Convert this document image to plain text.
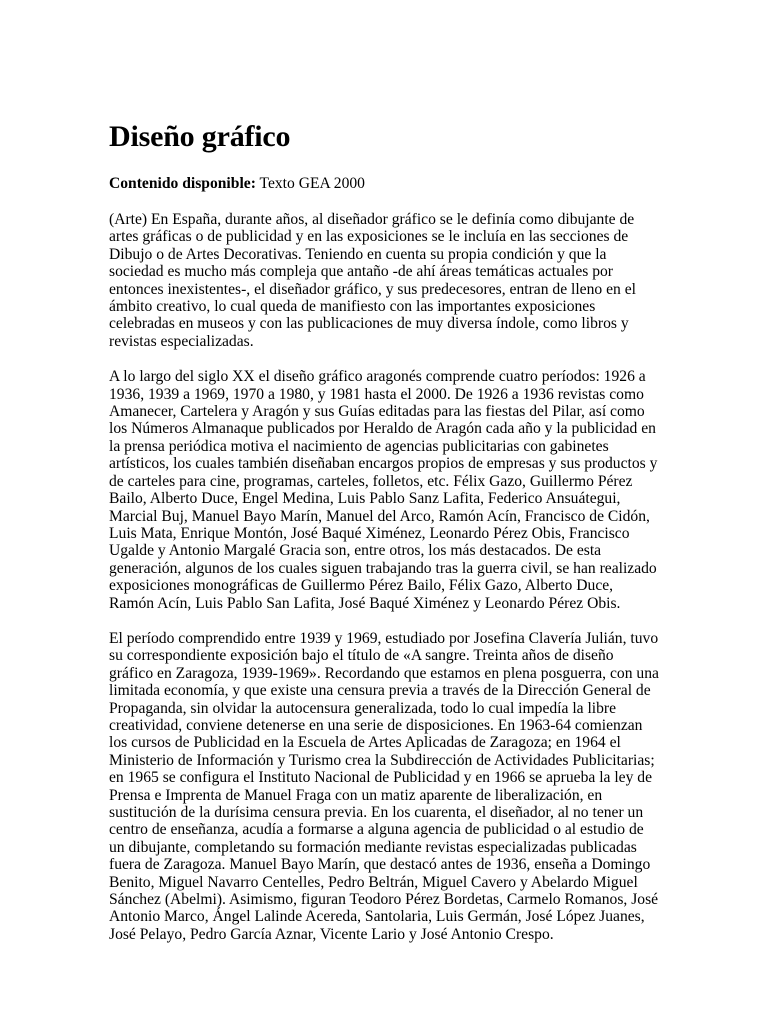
Diseño gráfico

Contenido disponible: Texto GEA 2000

(Arte) En España, durante años, al diseñador gráfico se le definía como dibujante de artes gráficas o de publicidad y en las exposiciones se le incluía en las secciones de Dibujo o de Artes Decorativas. Teniendo en cuenta su propia condición y que la sociedad es mucho más compleja que antaño -de ahí áreas temáticas actuales por entonces inexistentes-, el diseñador gráfico, y sus predecesores, entran de lleno en el ámbito creativo, lo cual queda de manifiesto con las importantes exposiciones celebradas en museos y con las publicaciones de muy diversa índole, como libros y revistas especializadas.

A lo largo del siglo XX el diseño gráfico aragonés comprende cuatro períodos: 1926 a 1936, 1939 a 1969, 1970 a 1980, y 1981 hasta el 2000. De 1926 a 1936 revistas como Amanecer, Cartelera y Aragón y sus Guías editadas para las fiestas del Pilar, así como los Números Almanaque publicados por Heraldo de Aragón cada año y la publicidad en la prensa periódica motiva el nacimiento de agencias publicitarias con gabinetes artísticos, los cuales también diseñaban encargos propios de empresas y sus productos y de carteles para cine, programas, carteles, folletos, etc. Félix Gazo, Guillermo Pérez Bailo, Alberto Duce, Engel Medina, Luis Pablo Sanz Lafita, Federico Ansuátegui, Marcial Buj, Manuel Bayo Marín, Manuel del Arco, Ramón Acín, Francisco de Cidón, Luis Mata, Enrique Montón, José Baqué Ximénez, Leonardo Pérez Obis, Francisco Ugalde y Antonio Margalé Gracia son, entre otros, los más destacados. De esta generación, algunos de los cuales siguen trabajando tras la guerra civil, se han realizado exposiciones monográficas de Guillermo Pérez Bailo, Félix Gazo, Alberto Duce, Ramón Acín, Luis Pablo San Lafita, José Baqué Ximénez y Leonardo Pérez Obis.

El período comprendido entre 1939 y 1969, estudiado por Josefina Clavería Julián, tuvo su correspondiente exposición bajo el título de «A sangre. Treinta años de diseño gráfico en Zaragoza, 1939-1969». Recordando que estamos en plena posguerra, con una limitada economía, y que existe una censura previa a través de la Dirección General de Propaganda, sin olvidar la autocensura generalizada, todo lo cual impedía la libre creatividad, conviene detenerse en una serie de disposiciones. En 1963-64 comienzan los cursos de Publicidad en la Escuela de Artes Aplicadas de Zaragoza; en 1964 el Ministerio de Información y Turismo crea la Subdirección de Actividades Publicitarias; en 1965 se configura el Instituto Nacional de Publicidad y en 1966 se aprueba la ley de Prensa e Imprenta de Manuel Fraga con un matiz aparente de liberalización, en sustitución de la durísima censura previa. En los cuarenta, el diseñador, al no tener un centro de enseñanza, acudía a formarse a alguna agencia de publicidad o al estudio de un dibujante, completando su formación mediante revistas especializadas publicadas fuera de Zaragoza. Manuel Bayo Marín, que destacó antes de 1936, enseña a Domingo Benito, Miguel Navarro Centelles, Pedro Beltrán, Miguel Cavero y Abelardo Miguel Sánchez (Abelmi). Asimismo, figuran Teodoro Pérez Bordetas, Carmelo Romanos, José Antonio Marco, Ángel Lalinde Acereda, Santolaria, Luis Germán, José López Juanes, José Pelayo, Pedro García Aznar, Vicente Lario y José Antonio Crespo.
